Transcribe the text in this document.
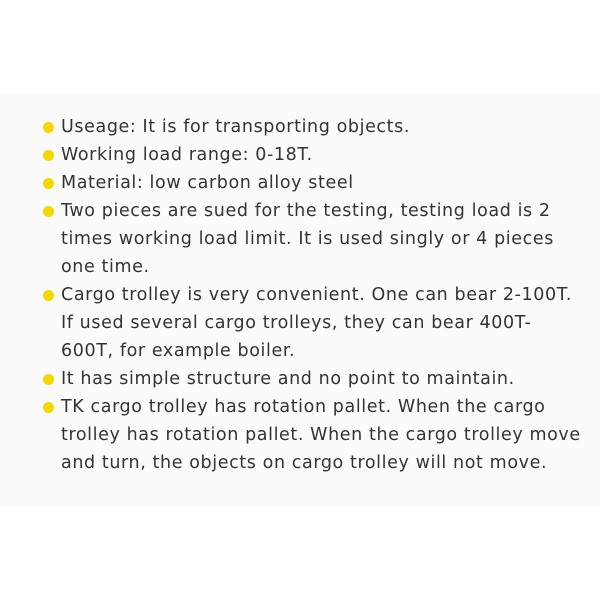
Useage: It is for transporting objects.
Working load range: 0-18T.
Material: low carbon alloy steel
Two pieces are sued for the testing, testing load is 2
times working load limit. It is used singly or 4 pieces
one time.
Cargo trolley is very convenient. One can bear 2-100T.
If used several cargo trolleys, they can bear 400T-
600T, for example boiler.
It has simple structure and no point to maintain.
TK cargo trolley has rotation pallet. When the cargo
trolley has rotation pallet. When the cargo trolley move
and turn, the objects on cargo trolley will not move.
